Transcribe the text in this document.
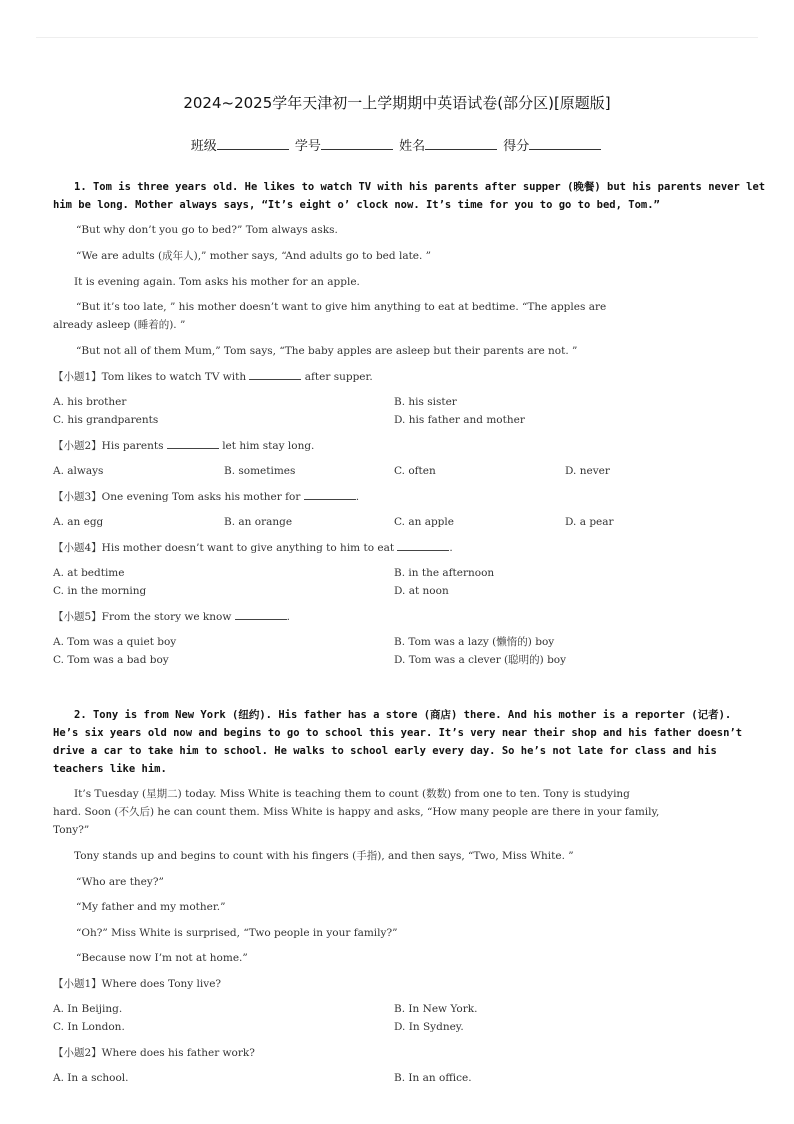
2024~2025学年天津初一上学期期中英语试卷(部分区)[原题版]
班级	学号	姓名	得分
1. Tom is three years old. He likes to watch TV with his parents after supper (晚餐) but his parents never let
him be long. Mother always says, “It’s eight o’ clock now. It’s time for you to go to bed, Tom.”
“But why don’t you go to bed?” Tom always asks.
“We are adults (成年人),” mother says, “And adults go to bed late. ”
It is evening again. Tom asks his mother for an apple.
“But it’s too late, ” his mother doesn’t want to give him anything to eat at bedtime. “The apples are
already asleep (睡着的). ”
“But not all of them Mum,” Tom says, “The baby apples are asleep but their parents are not. ”
【小题1】Tom likes to watch TV with	after supper.
A. his brother	B. his sister
C. his grandparents	D. his father and mother
【小题2】His parents	let him stay long.
A. always	B. sometimes	C. often	D. never
【小题3】One evening Tom asks his mother for	.
A. an egg	B. an orange	C. an apple	D. a pear
【小题4】His mother doesn’t want to give anything to him to eat	.
A. at bedtime	B. in the afternoon
C. in the morning	D. at noon
【小题5】From the story we know	.
A. Tom was a quiet boy	B. Tom was a lazy (懒惰的) boy
C. Tom was a bad boy	D. Tom was a clever (聪明的) boy
2. Tony is from New York (纽约). His father has a store (商店) there. And his mother is a reporter (记者).
He’s six years old now and begins to go to school this year. It’s very near their shop and his father doesn’t
drive a car to take him to school. He walks to school early every day. So he’s not late for class and his
teachers like him.
It’s Tuesday (星期二) today. Miss White is teaching them to count (数数) from one to ten. Tony is studying
hard. Soon (不久后) he can count them. Miss White is happy and asks, “How many people are there in your family,
Tony?”
Tony stands up and begins to count with his fingers (手指), and then says, “Two, Miss White. ”
“Who are they?”
“My father and my mother.”
“Oh?” Miss White is surprised, “Two people in your family?”
“Because now I’m not at home.”
【小题1】Where does Tony live?
A. In Beijing.	B. In New York.
C. In London.	D. In Sydney.
【小题2】Where does his father work?
A. In a school.	B. In an office.
